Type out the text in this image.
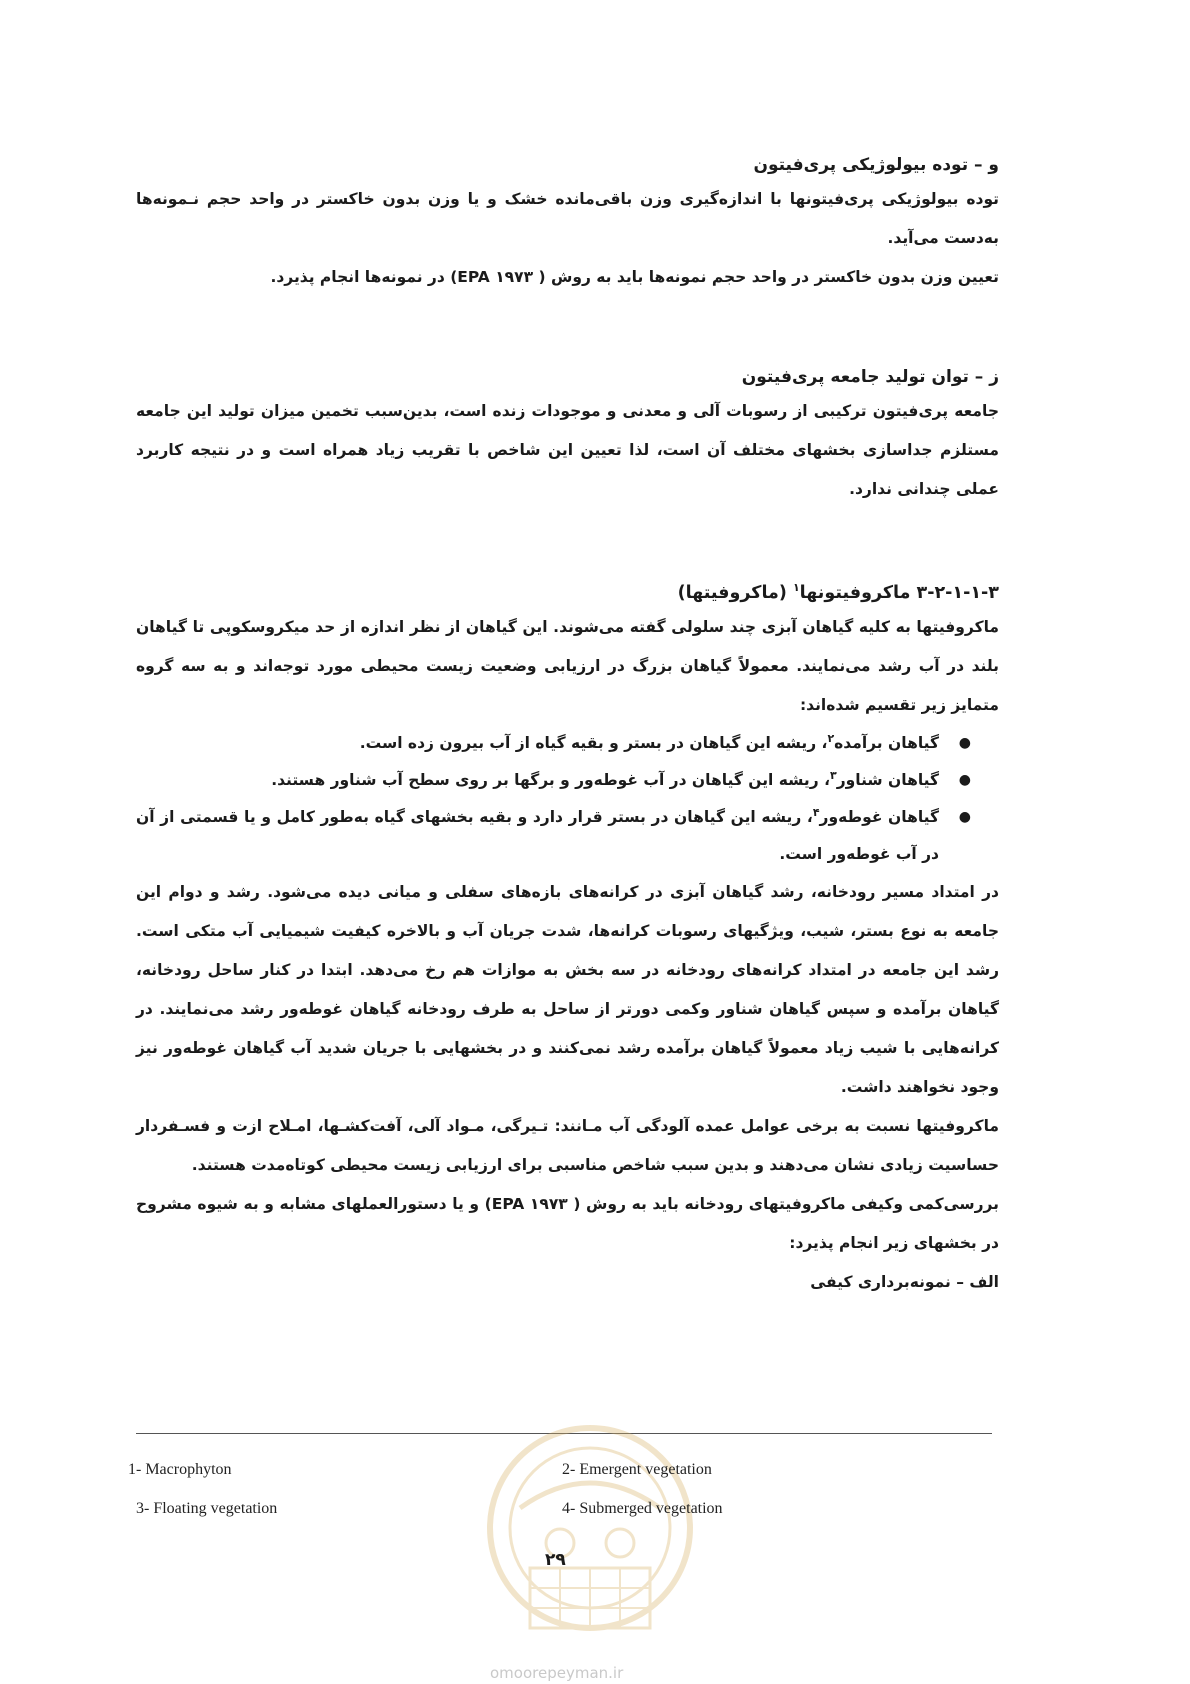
و – توده بیولوژیکی پری‌فیتون

توده بیولوژیکی پری‌فیتونها با اندازه‌گیری وزن باقی‌مانده خشک و یا وزن بدون خاکستر در واحد حجم نـمونه‌ها به‌دست می‌آید.

تعیین وزن بدون خاکستر در واحد حجم نمونه‌ها باید به روش ( ۱۹۷۳ EPA) در نمونه‌ها انجام پذیرد.

ز – توان تولید جامعه پری‌فیتون

جامعه پری‌فیتون ترکیبی از رسوبات آلی و معدنی و موجودات زنده است، بدین‌سبب تخمین میزان تولید این جامعه مستلزم جداسازی بخشهای مختلف آن است، لذا تعیین این شاخص با تقریب زیاد همراه است و در نتیجه کاربرد عملی چندانی ندارد.

۳-۲-۱-۱-۳ ماکروفیتونها$^۱$ (ماکروفیتها)

ماکروفیتها به کلیه گیاهان آبزی چند سلولی گفته می‌شوند. این گیاهان از نظر اندازه از حد میکروسکوپی تا گیاهان بلند در آب رشد می‌نمایند. معمولاً گیاهان بزرگ در ارزیابی وضعیت زیست محیطی مورد توجه‌اند و به سه گروه متمایز زیر تقسیم شده‌اند:

● گیاهان برآمده$^۲$، ریشه این گیاهان در بستر و بقیه گیاه از آب بیرون زده است.
● گیاهان شناور$^۳$، ریشه این گیاهان در آب غوطه‌ور و برگها بر روی سطح آب شناور هستند.
● گیاهان غوطه‌ور$^۴$، ریشه این گیاهان در بستر قرار دارد و بقیه بخشهای گیاه به‌طور کامل و یا قسمتی از آن در آب غوطه‌ور است.

در امتداد مسیر رودخانه، رشد گیاهان آبزی در کرانه‌های بازه‌های سفلی و میانی دیده می‌شود. رشد و دوام این جامعه به نوع بستر، شیب، ویژگیهای رسوبات کرانه‌ها، شدت جریان آب و بالاخره کیفیت شیمیایی آب متکی است. رشد این جامعه در امتداد کرانه‌های رودخانه در سه بخش به موازات هم رخ می‌دهد. ابتدا در کنار ساحل رودخانه، گیاهان برآمده و سپس گیاهان شناور وکمی دورتر از ساحل به طرف رودخانه گیاهان غوطه‌ور رشد می‌نمایند. در کرانه‌هایی با شیب زیاد معمولاً گیاهان برآمده رشد نمی‌کنند و در بخشهایی با جریان شدید آب گیاهان غوطه‌ور نیز وجود نخواهند داشت.

ماکروفیتها نسبت به برخی عوامل عمده آلودگی آب مـانند: تـیرگی، مـواد آلی، آفت‌کشـها، امـلاح ازت و فسـفردار حساسیت زیادی نشان می‌دهند و بدین سبب شاخص مناسبی برای ارزیابی زیست محیطی کوتاه‌مدت هستند.

بررسی‌کمی وکیفی ماکروفیتهای رودخانه باید به روش ( ۱۹۷۳ EPA) و یا دستورالعملهای مشابه و به شیوه مشروح در بخشهای زیر انجام پذیرد:

الف – نمونه‌برداری کیفی

1- Macrophyton	2- Emergent vegetation
3- Floating vegetation	4- Submerged vegetation
۲۹
omoorepeyman.ir
